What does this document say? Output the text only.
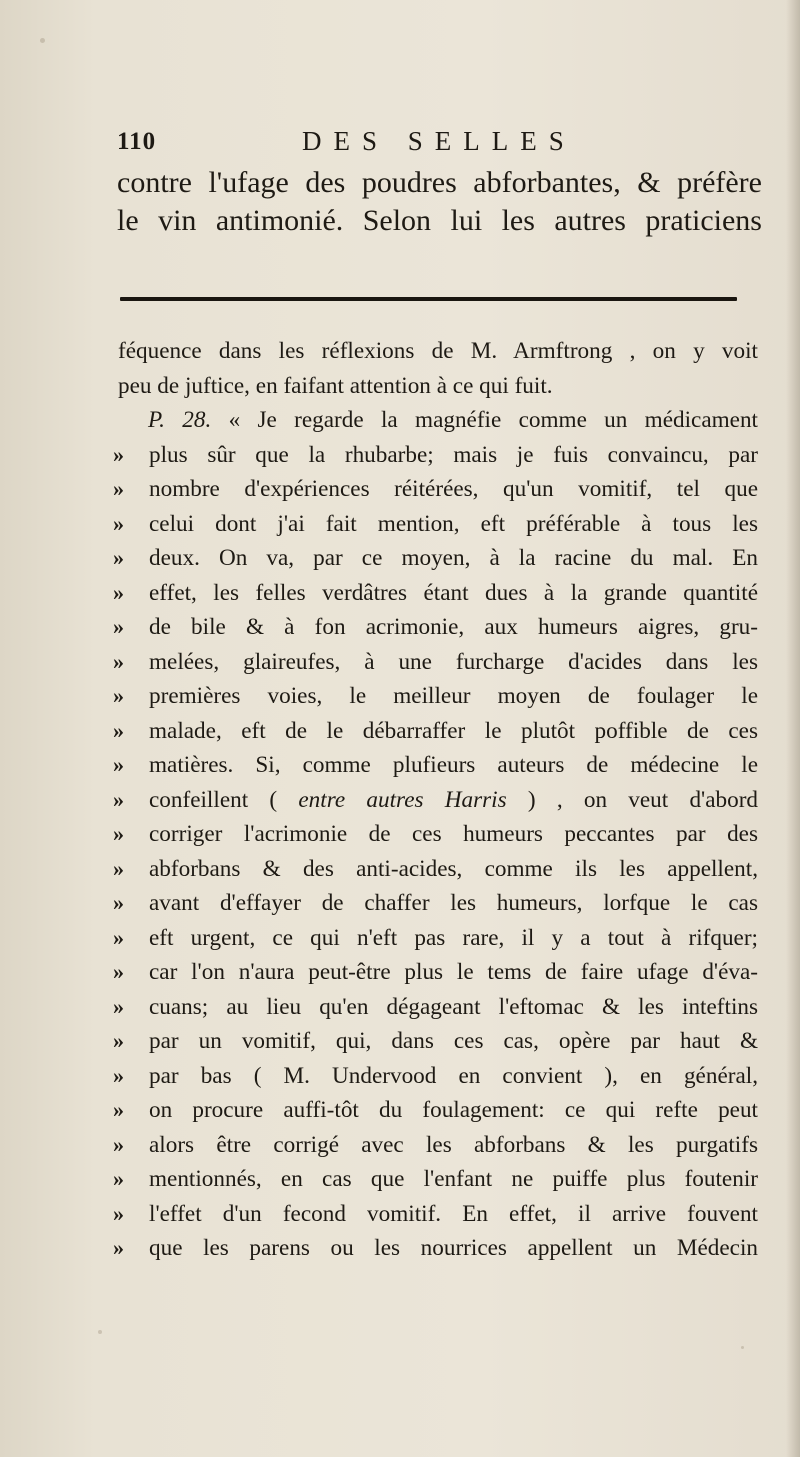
110	DES SELLES
contre l'ufage des poudres abforbantes, & préfère
le vin antimonié. Selon lui les autres praticiens
féquence dans les réflexions de M. Armftrong , on y voit
peu de juftice, en faifant attention à ce qui fuit.
P. 28. « Je regarde la magnéfie comme un médicament
»	plus sûr que la rhubarbe; mais je fuis convaincu, par
»	nombre d'expériences réitérées, qu'un vomitif, tel que
»	celui dont j'ai fait mention, eft préférable à tous les
»	deux. On va, par ce moyen, à la racine du mal. En
»	effet, les felles verdâtres étant dues à la grande quantité
»	de bile & à fon acrimonie, aux humeurs aigres, gru-
»	melées, glaireufes, à une furcharge d'acides dans les
»	premières voies, le meilleur moyen de foulager le
»	malade, eft de le débarraffer le plutôt poffible de ces
»	matières. Si, comme plufieurs auteurs de médecine le
»	confeillent ( entre autres Harris ) , on veut d'abord
»	corriger l'acrimonie de ces humeurs peccantes par des
»	abforbans & des anti-acides, comme ils les appellent,
»	avant d'effayer de chaffer les humeurs, lorfque le cas
»	eft urgent, ce qui n'eft pas rare, il y a tout à rifquer;
»	car l'on n'aura peut-être plus le tems de faire ufage d'éva-
»	cuans; au lieu qu'en dégageant l'eftomac & les inteftins
»	par un vomitif, qui, dans ces cas, opère par haut &
»	par bas ( M. Undervood en convient ), en général,
»	on procure auffi-tôt du foulagement: ce qui refte peut
»	alors être corrigé avec les abforbans & les purgatifs
»	mentionnés, en cas que l'enfant ne puiffe plus foutenir
»	l'effet d'un fecond vomitif. En effet, il arrive fouvent
»	que les parens ou les nourrices appellent un Médecin
